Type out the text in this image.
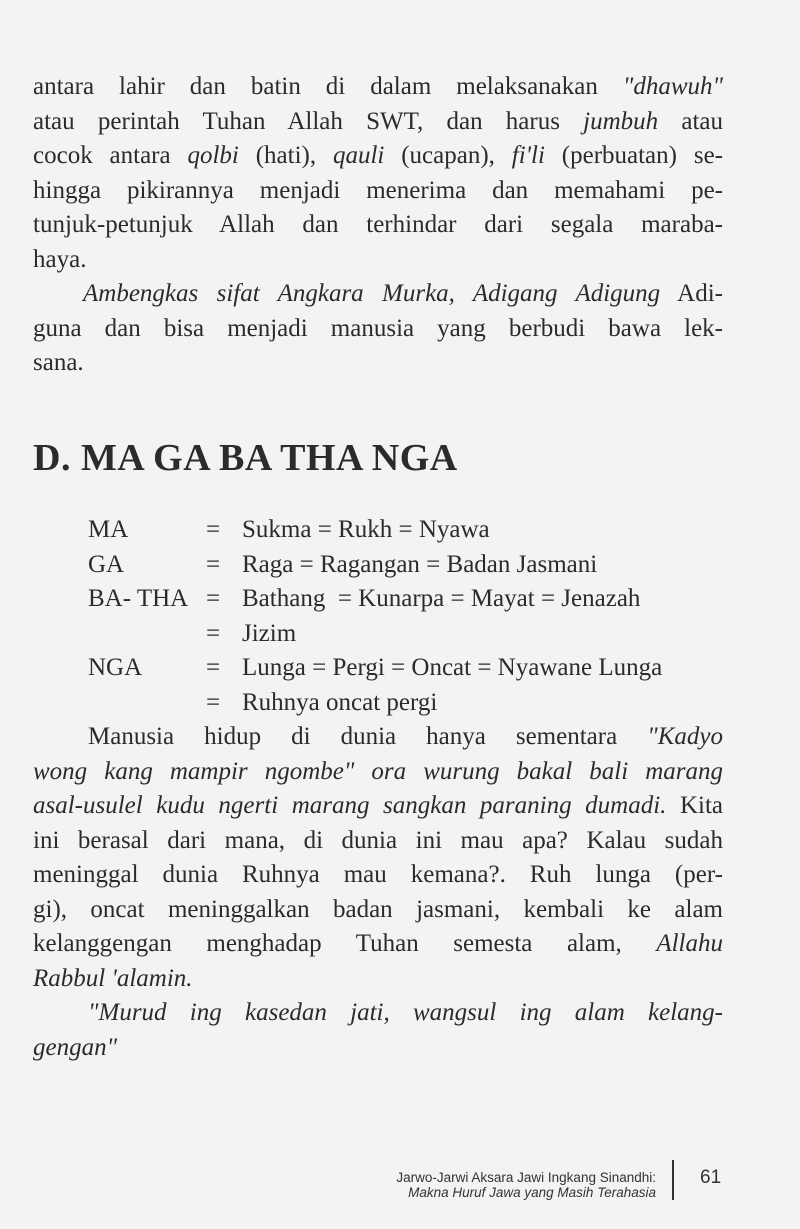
antara lahir dan batin di dalam melaksanakan "dhawuh"
atau perintah Tuhan Allah SWT, dan harus jumbuh atau
cocok antara qolbi (hati), qauli (ucapan), fi'li (perbuatan) se-
hingga pikirannya menjadi menerima dan memahami pe-
tunjuk-petunjuk Allah dan terhindar dari segala maraba-
haya.

Ambengkas sifat Angkara Murka, Adigang Adigung Adi-
guna dan bisa menjadi manusia yang berbudi bawa lek-
sana.

D. MA GA BA THA NGA
MA	= Sukma = Rukh = Nyawa
GA	= Raga = Ragangan = Badan Jasmani
BA- THA = Bathang  = Kunarpa = Mayat = Jenazah
= Jizim
NGA	= Lunga = Pergi = Oncat = Nyawane Lunga
= Ruhnya oncat pergi

Manusia hidup di dunia hanya sementara "Kadyo
wong kang mampir ngombe" ora wurung bakal bali marang
asal-usulel kudu ngerti marang sangkan paraning dumadi. Kita
ini berasal dari mana, di dunia ini mau apa? Kalau sudah
meninggal dunia Ruhnya mau kemana?. Ruh lunga (per-
gi), oncat meninggalkan badan jasmani, kembali ke alam
kelanggengan menghadap Tuhan semesta alam, Allahu
Rabbul 'alamin.

"Murud ing kasedan jati, wangsul ing alam kelang-
gengan"

Jarwo-Jarwi Aksara Jawi Ingkang Sinandhi:
Makna Huruf Jawa yang Masih Terahasia
61
